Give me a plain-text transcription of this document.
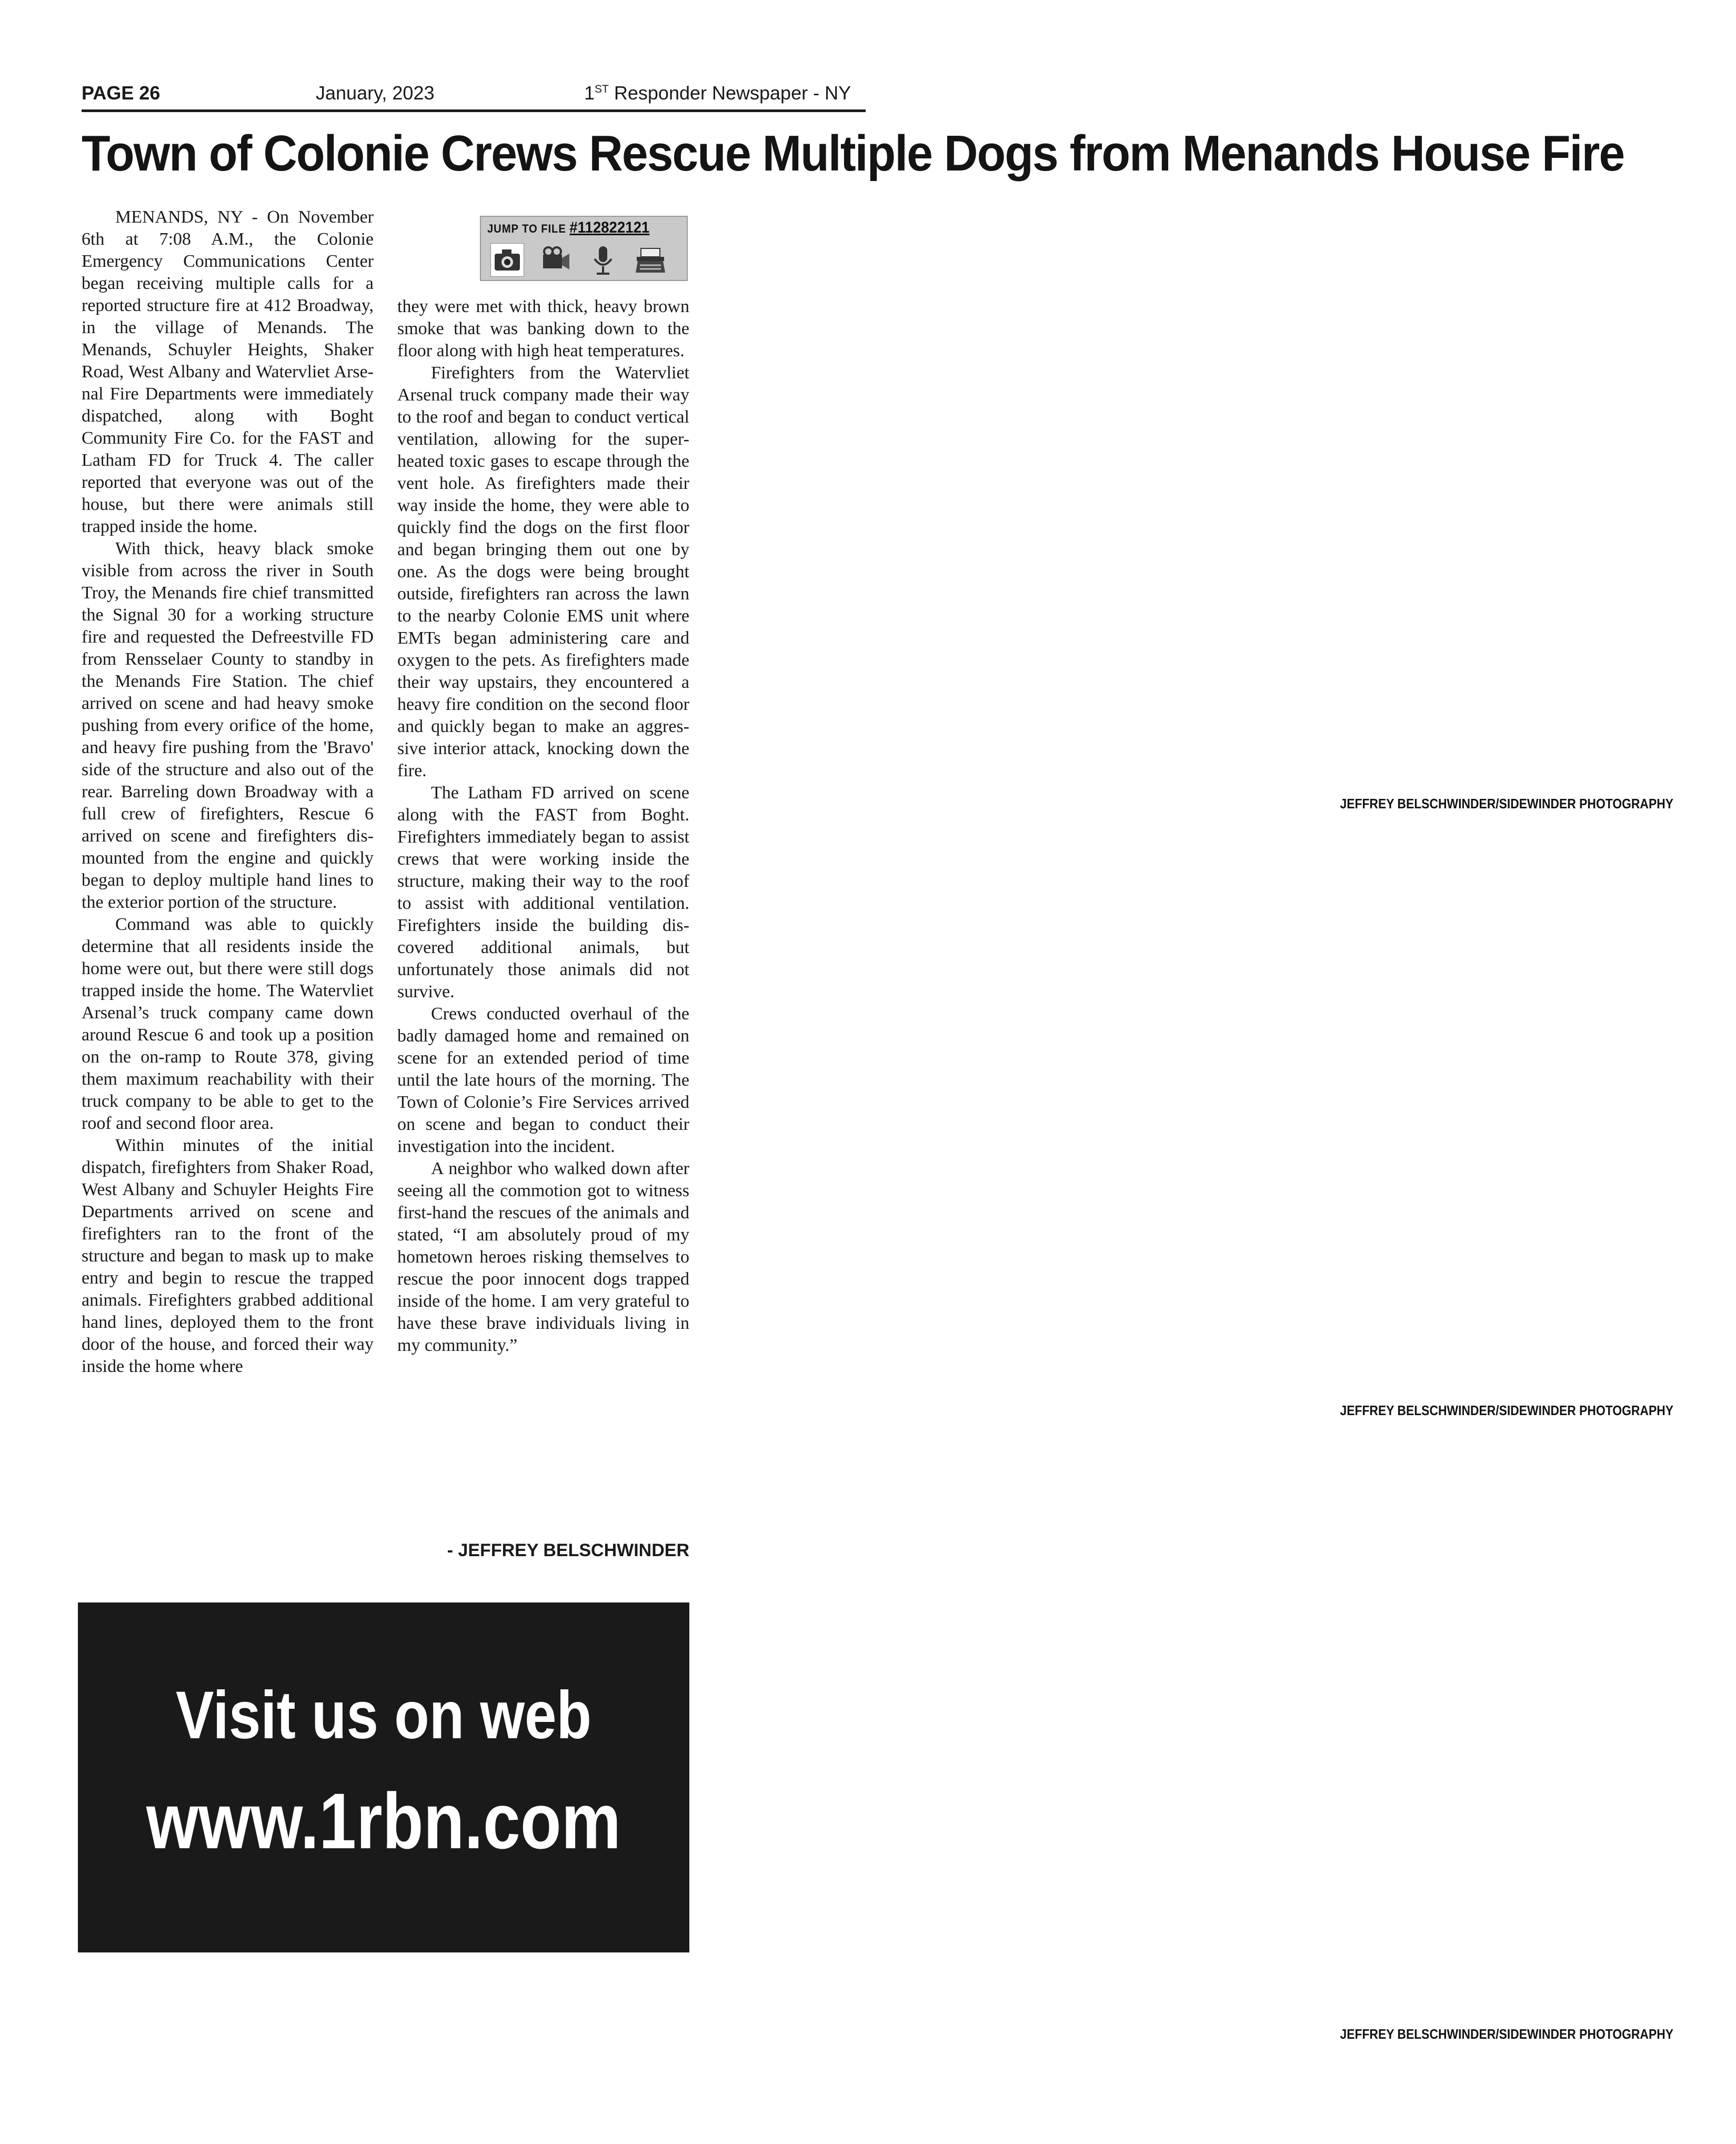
PAGE 26	January, 2023	1ST Responder Newspaper - NY
Town of Colonie Crews Rescue Multiple Dogs from Menands House Fire

MENANDS, NY - On November 6th at 7:08 A.M., the Colonie Emergency Communications Center began receiving multiple calls for a reported structure fire at 412 Broadway, in the village of Menands. The Menands, Schuyler Heights, Shaker Road, West Albany and Watervliet Arsenal Fire Departments were immediately dispatched, along with Boght Community Fire Co. for the FAST and Latham FD for Truck 4. The caller reported that everyone was out of the house, but there were animals still trapped inside the home.

With thick, heavy black smoke visible from across the river in South Troy, the Menands fire chief transmitted the Signal 30 for a working structure fire and requested the Defreestville FD from Rensselaer County to standby in the Menands Fire Station. The chief arrived on scene and had heavy smoke pushing from every orifice of the home, and heavy fire pushing from the 'Bravo' side of the structure and also out of the rear. Barreling down Broadway with a full crew of firefighters, Rescue 6 arrived on scene and firefighters dismounted from the engine and quickly began to deploy multiple hand lines to the exterior portion of the structure.

Command was able to quickly determine that all residents inside the home were out, but there were still dogs trapped inside the home. The Watervliet Arsenal’s truck company came down around Rescue 6 and took up a position on the on-ramp to Route 378, giving them maximum reachability with their truck company to be able to get to the roof and second floor area.

Within minutes of the initial dispatch, firefighters from Shaker Road, West Albany and Schuyler Heights Fire Departments arrived on scene and firefighters ran to the front of the structure and began to mask up to make entry and begin to rescue the trapped animals. Firefighters grabbed additional hand lines, deployed them to the front door of the house, and forced their way inside the home where

JUMP TO FILE #112822121

they were met with thick, heavy brown smoke that was banking down to the floor along with high heat temperatures.

Firefighters from the Watervliet Arsenal truck company made their way to the roof and began to conduct vertical ventilation, allowing for the super-heated toxic gases to escape through the vent hole. As firefighters made their way inside the home, they were able to quickly find the dogs on the first floor and began bringing them out one by one. As the dogs were being brought outside, firefighters ran across the lawn to the nearby Colonie EMS unit where EMTs began administering care and oxygen to the pets. As firefighters made their way upstairs, they encountered a heavy fire condition on the second floor and quickly began to make an aggressive interior attack, knocking down the fire.

The Latham FD arrived on scene along with the FAST from Boght. Firefighters immediately began to assist crews that were working inside the structure, making their way to the roof to assist with additional ventilation. Firefighters inside the building discovered additional animals, but unfortunately those animals did not survive.

Crews conducted overhaul of the badly damaged home and remained on scene for an extended period of time until the late hours of the morning. The Town of Colonie’s Fire Services arrived on scene and began to conduct their investigation into the incident.

A neighbor who walked down after seeing all the commotion got to witness first-hand the rescues of the animals and stated, “I am absolutely proud of my hometown heroes risking themselves to rescue the poor innocent dogs trapped inside of the home. I am very grateful to have these brave individuals living in my community.”

- JEFFREY BELSCHWINDER
JEFFREY BELSCHWINDER/SIDEWINDER PHOTOGRAPHY
JEFFREY BELSCHWINDER/SIDEWINDER PHOTOGRAPHY
JEFFREY BELSCHWINDER/SIDEWINDER PHOTOGRAPHY
Visit us on web
www.1rbn.com
